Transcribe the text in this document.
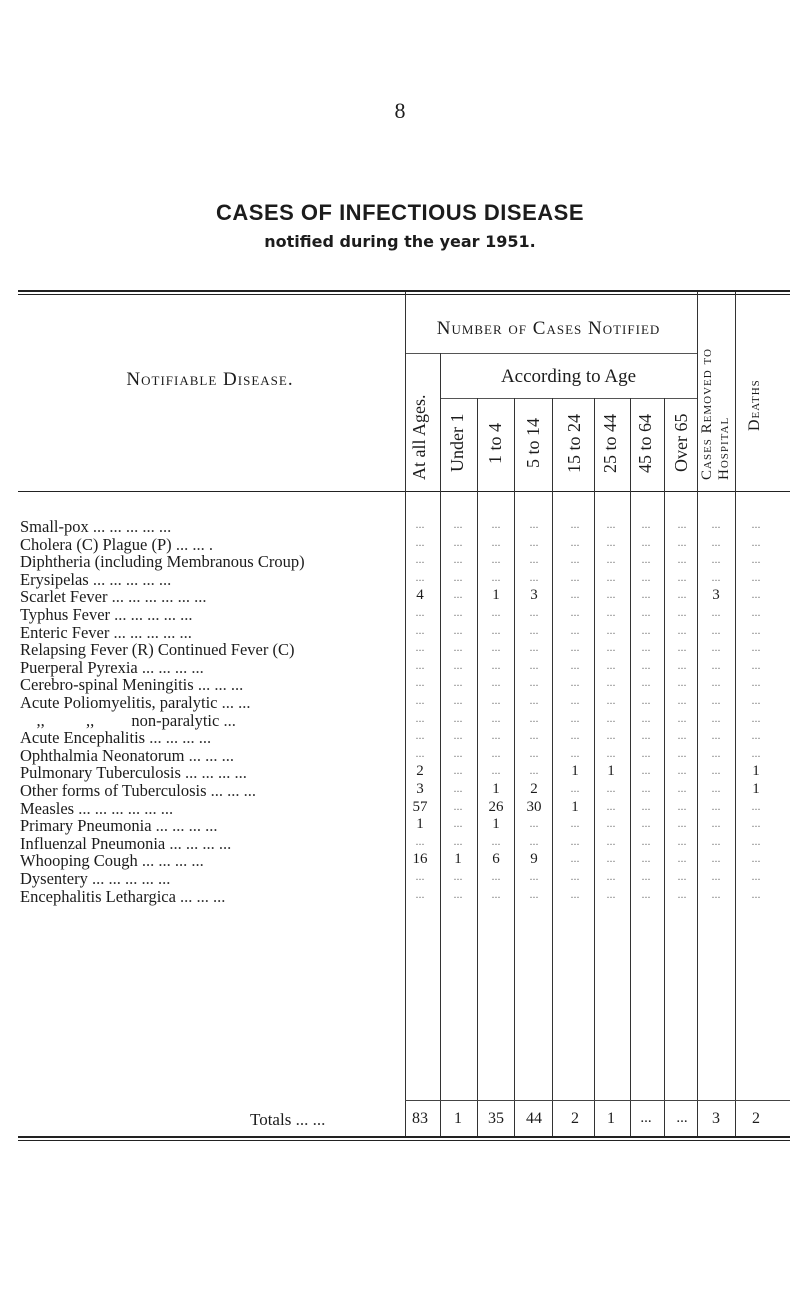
8
CASES OF INFECTIOUS DISEASE
notified during the year 1951.
Notifiable Disease.
Number of Cases Notified
According to Age
At all Ages. Under 1 1 to 4 5 to 14 15 to 24 25 to 44 45 to 64 Over 65 Cases Removed to Hospital
Deaths
Small-pox ... ... ... ... ...	...	...	...	...	...	...	...	...	...	...
Cholera (C) Plague (P) ... ... .	...	...	...	...	...	...	...	...	...	...
Diphtheria (including Membranous Croup)	...	...	...	...	...	...	...	...	...	...
Erysipelas ... ... ... ... ...	...	...	...	...	...	...	...	...	...	...
Scarlet Fever ... ... ... ... ... ...	4	...	1	3	...	...	...	...	3	...
Typhus Fever ... ... ... ... ...	...	...	...	...	...	...	...	...	...	...
Enteric Fever ... ... ... ... ...	...	...	...	...	...	...	...	...	...	...
Relapsing Fever (R) Continued Fever (C)	...	...	...	...	...	...	...	...	...	...
Puerperal Pyrexia ... ... ... ...	...	...	...	...	...	...	...	...	...	...
Cerebro-spinal Meningitis ... ... ...	...	...	...	...	...	...	...	...	...	...
Acute Poliomyelitis, paralytic ... ...	...	...	...	...	...	...	...	...	...	...
,,          ,,         non-paralytic ...	...	...	...	...	...	...	...	...	...	...
Acute Encephalitis ... ... ... ...	...	...	...	...	...	...	...	...	...	...
Ophthalmia Neonatorum ... ... ...	...	...	...	...	...	...	...	...	...	...
Pulmonary Tuberculosis ... ... ... ...	2	...	...	...	1	1	...	...	...	1
Other forms of Tuberculosis ... ... ...	3	...	1	2	...	...	...	...	...	1
Measles ... ... ... ... ... ...	57	...	26	30	1	...	...	...	...	...
Primary Pneumonia ... ... ... ...	1	...	1	...	...	...	...	...	...	...
Influenzal Pneumonia ... ... ... ...	...	...	...	...	...	...	...	...	...	...
Whooping Cough ... ... ... ...	16	1	6	9	...	...	...	...	...	...
Dysentery ... ... ... ... ...	...	...	...	...	...	...	...	...	...	...
Encephalitis Lethargica ... ... ...	...	...	...	...	...	...	...	...	...	...
Totals ... ...	83	1	35	44	2	1	...	...	3	2
